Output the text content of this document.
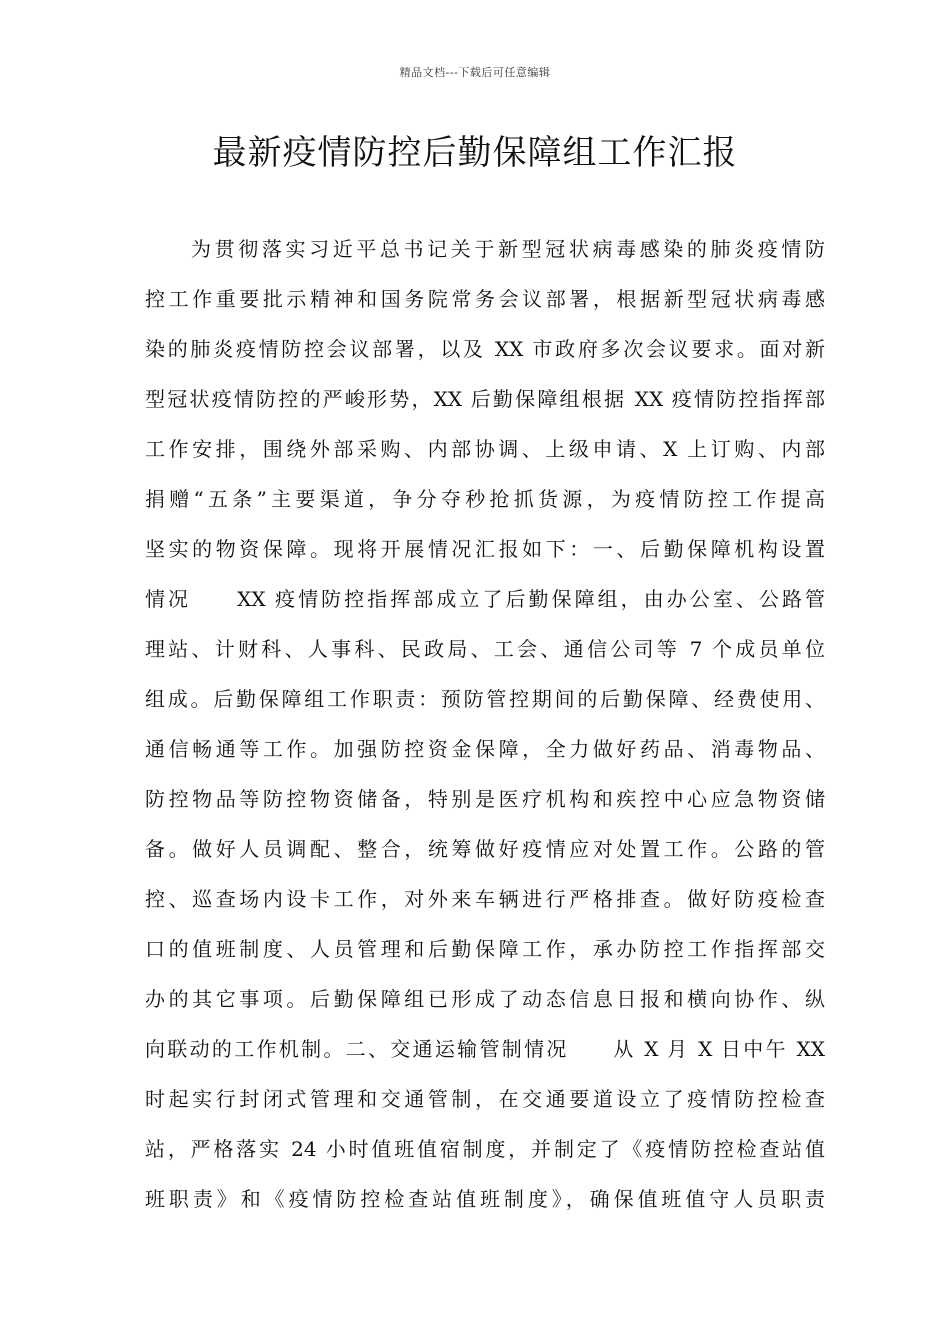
精品文档---下载后可任意编辑
最新疫情防控后勤保障组工作汇报
为贯彻落实习近平总书记关于新型冠状病毒感染的肺炎疫情防
控工作重要批示精神和国务院常务会议部署，根据新型冠状病毒感
染的肺炎疫情防控会议部署，以及 XX 市政府多次会议要求。面对新
型冠状疫情防控的严峻形势，XX 后勤保障组根据 XX 疫情防控指挥部
工作安排，围绕外部采购、内部协调、上级申请、X 上订购、内部
捐赠“五条”主要渠道，争分夺秒抢抓货源，为疫情防控工作提高
坚实的物资保障。现将开展情况汇报如下：一、后勤保障机构设置
情况　　XX 疫情防控指挥部成立了后勤保障组，由办公室、公路管
理站、计财科、人事科、民政局、工会、通信公司等 7 个成员单位
组成。后勤保障组工作职责：预防管控期间的后勤保障、经费使用、
通信畅通等工作。加强防控资金保障，全力做好药品、消毒物品、
防控物品等防控物资储备，特别是医疗机构和疾控中心应急物资储
备。做好人员调配、整合，统筹做好疫情应对处置工作。公路的管
控、巡查场内设卡工作，对外来车辆进行严格排查。做好防疫检查
口的值班制度、人员管理和后勤保障工作，承办防控工作指挥部交
办的其它事项。后勤保障组已形成了动态信息日报和横向协作、纵
向联动的工作机制。二、交通运输管制情况　　从 X 月 X 日中午 XX
时起实行封闭式管理和交通管制，在交通要道设立了疫情防控检查
站，严格落实 24 小时值班值宿制度，并制定了《疫情防控检查站值
班职责》和《疫情防控检查站值班制度》，确保值班值守人员职责
